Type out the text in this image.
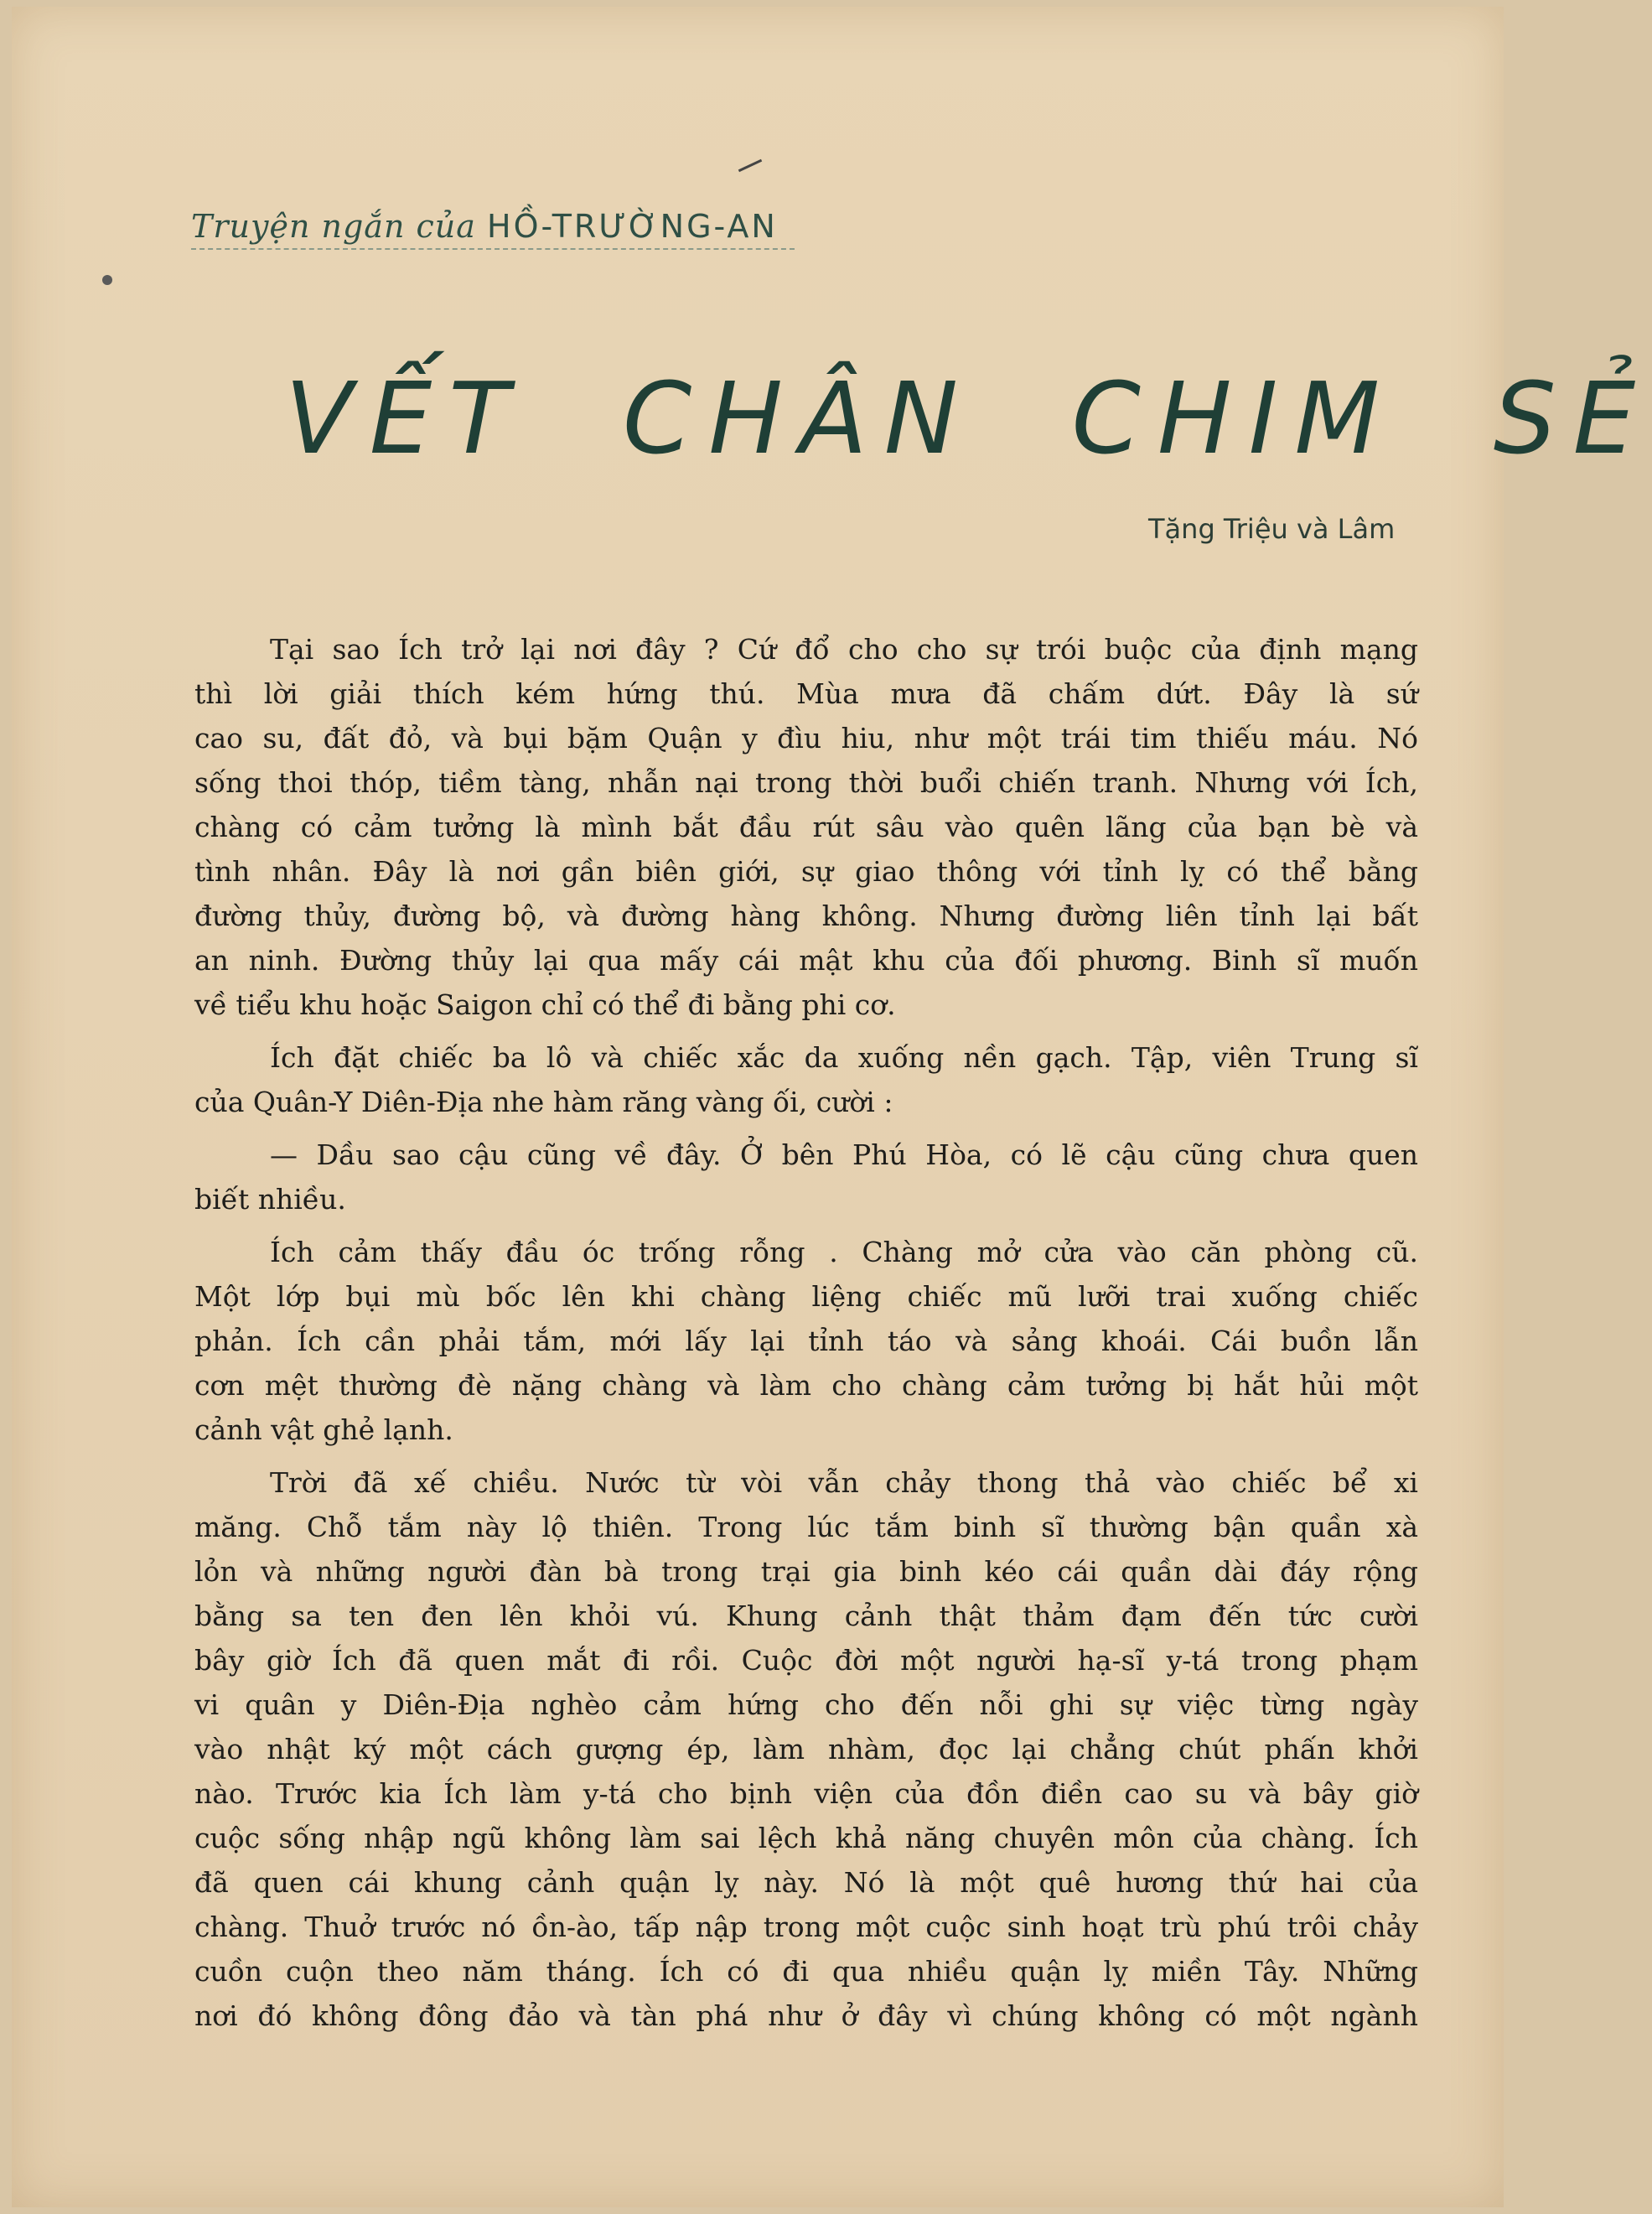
Truyện ngắn của HỒ-TRƯỜNG-AN
VẾT CHÂN CHIM SẺ
Tặng Triệu và Lâm
Tại sao Ích trở lại nơi đây ? Cứ đổ cho cho sự trói buộc của định mạng
thì lời giải thích kém hứng thú. Mùa mưa đã chấm dứt. Đây là sứ
cao su, đất đỏ, và bụi bặm Quận y đìu hiu, như một trái tim thiếu máu. Nó
sống thoi thóp, tiềm tàng, nhẫn nại trong thời buổi chiến tranh. Nhưng với Ích,
chàng có cảm tưởng là mình bắt đầu rút sâu vào quên lãng của bạn bè và
tình nhân. Đây là nơi gần biên giới, sự giao thông với tỉnh lỵ có thể bằng
đường thủy, đường bộ, và đường hàng không. Nhưng đường liên tỉnh lại bất
an ninh. Đường thủy lại qua mấy cái mật khu của đối phương. Binh sĩ muốn
về tiểu khu hoặc Saigon chỉ có thể đi bằng phi cơ.
Ích đặt chiếc ba lô và chiếc xắc da xuống nền gạch. Tập, viên Trung sĩ
của Quân-Y Diên-Địa nhe hàm răng vàng ối, cười :
— Dầu sao cậu cũng về đây. Ở bên Phú Hòa, có lẽ cậu cũng chưa quen
biết nhiều.
Ích cảm thấy đầu óc trống rỗng . Chàng mở cửa vào căn phòng cũ.
Một lớp bụi mù bốc lên khi chàng liệng chiếc mũ lưỡi trai xuống chiếc
phản. Ích cần phải tắm, mới lấy lại tỉnh táo và sảng khoái. Cái buồn lẫn
cơn mệt thường đè nặng chàng và làm cho chàng cảm tưởng bị hắt hủi một
cảnh vật ghẻ lạnh.
Trời đã xế chiều. Nước từ vòi vẫn chảy thong thả vào chiếc bể xi
măng. Chỗ tắm này lộ thiên. Trong lúc tắm binh sĩ thường bận quần xà
lỏn và những người đàn bà trong trại gia binh kéo cái quần dài đáy rộng
bằng sa ten đen lên khỏi vú. Khung cảnh thật thảm đạm đến tức cười
bây giờ Ích đã quen mắt đi rồi. Cuộc đời một người hạ-sĩ y-tá trong phạm
vi quân y Diên-Địa nghèo cảm hứng cho đến nỗi ghi sự việc từng ngày
vào nhật ký một cách gượng ép, làm nhàm, đọc lại chẳng chút phấn khởi
nào. Trước kia Ích làm y-tá cho bịnh viện của đồn điền cao su và bây giờ
cuộc sống nhập ngũ không làm sai lệch khả năng chuyên môn của chàng. Ích
đã quen cái khung cảnh quận lỵ này. Nó là một quê hương thứ hai của
chàng. Thuở trước nó ồn-ào, tấp nập trong một cuộc sinh hoạt trù phú trôi chảy
cuồn cuộn theo năm tháng. Ích có đi qua nhiều quận lỵ miền Tây. Những
nơi đó không đông đảo và tàn phá như ở đây vì chúng không có một ngành
